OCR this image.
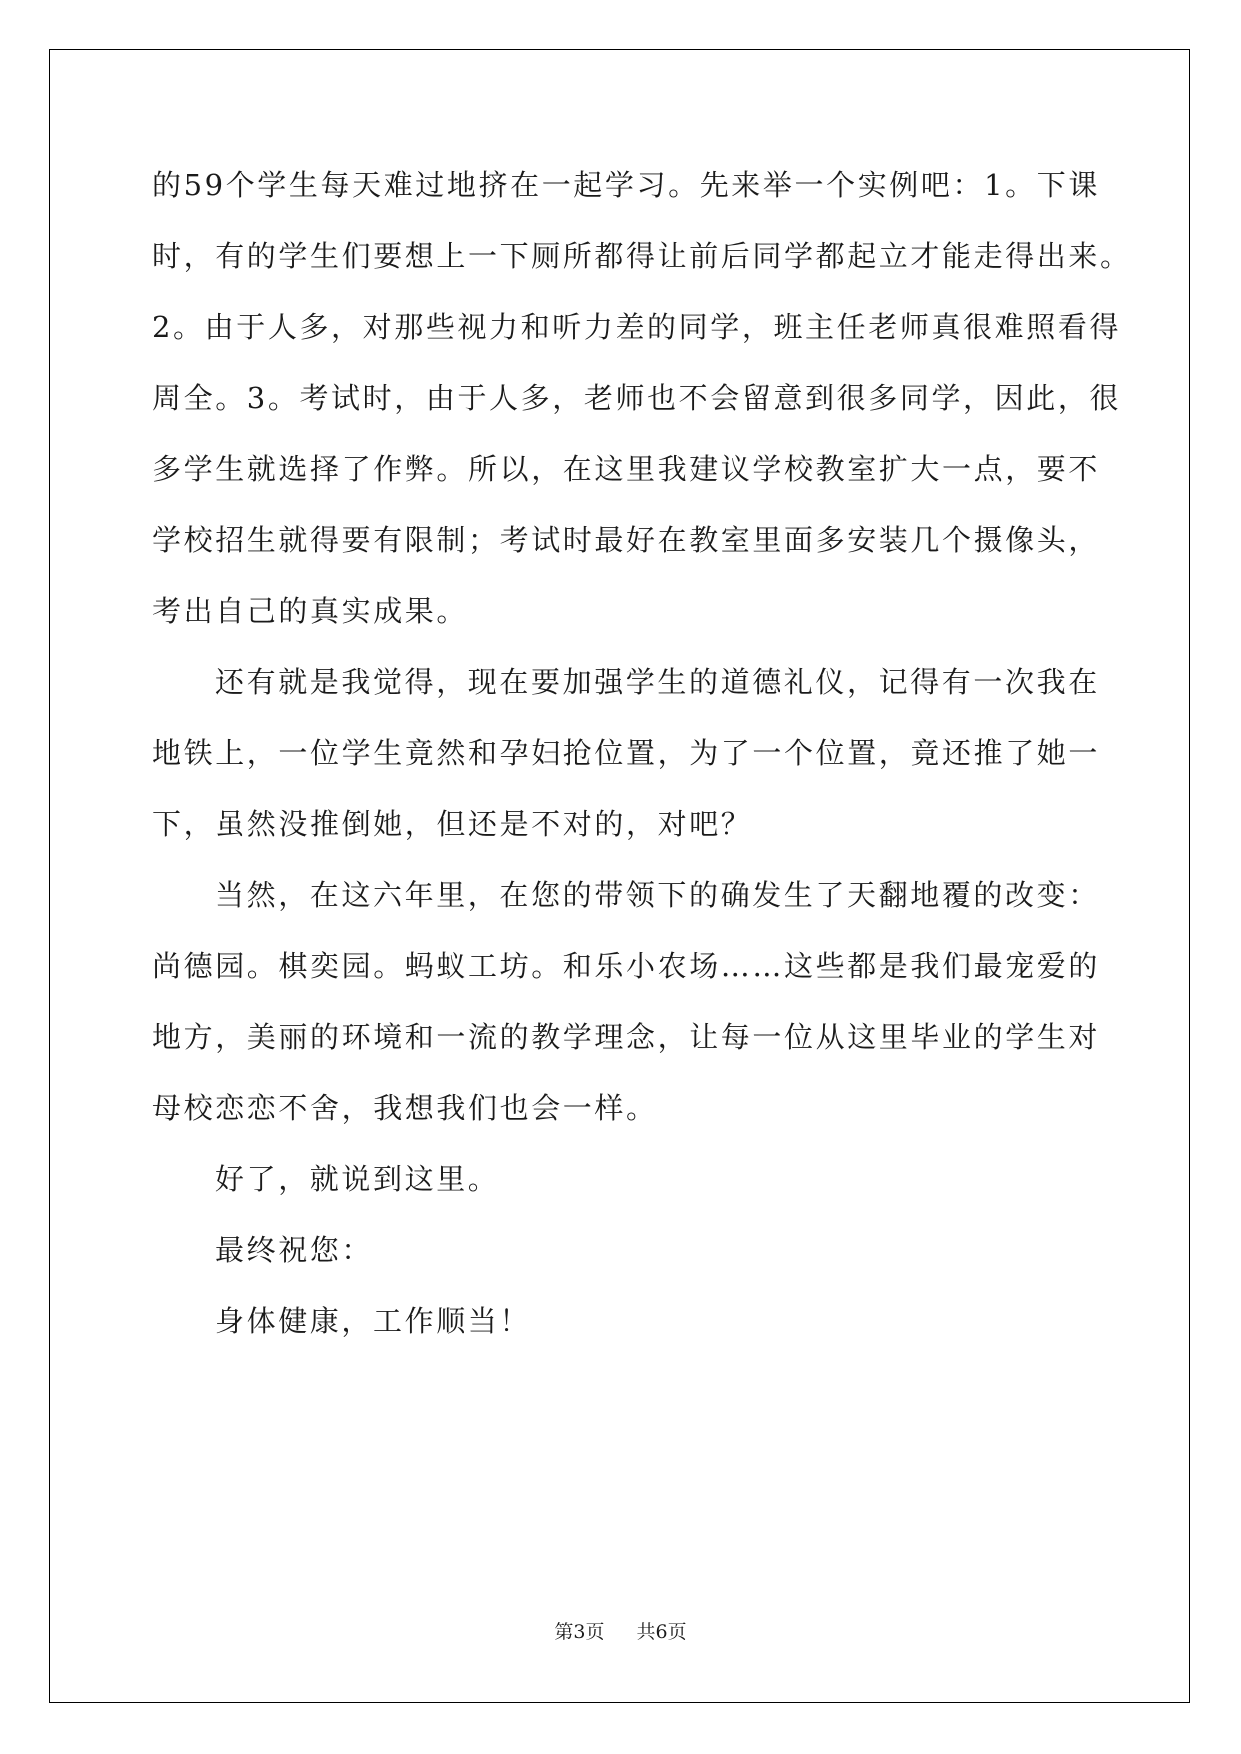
的59个学生每天难过地挤在一起学习。先来举一个实例吧：1。下课
时，有的学生们要想上一下厕所都得让前后同学都起立才能走得出来。
2。由于人多，对那些视力和听力差的同学，班主任老师真很难照看得
周全。3。考试时，由于人多，老师也不会留意到很多同学，因此，很
多学生就选择了作弊。所以，在这里我建议学校教室扩大一点，要不
学校招生就得要有限制；考试时最好在教室里面多安装几个摄像头，
考出自己的真实成果。
还有就是我觉得，现在要加强学生的道德礼仪，记得有一次我在
地铁上，一位学生竟然和孕妇抢位置，为了一个位置，竟还推了她一
下，虽然没推倒她，但还是不对的，对吧？
当然，在这六年里，在您的带领下的确发生了天翻地覆的改变：
尚德园。棋奕园。蚂蚁工坊。和乐小农场……这些都是我们最宠爱的
地方，美丽的环境和一流的教学理念，让每一位从这里毕业的学生对
母校恋恋不舍，我想我们也会一样。
好了，就说到这里。
最终祝您：
身体健康，工作顺当！
第3页 共6页
